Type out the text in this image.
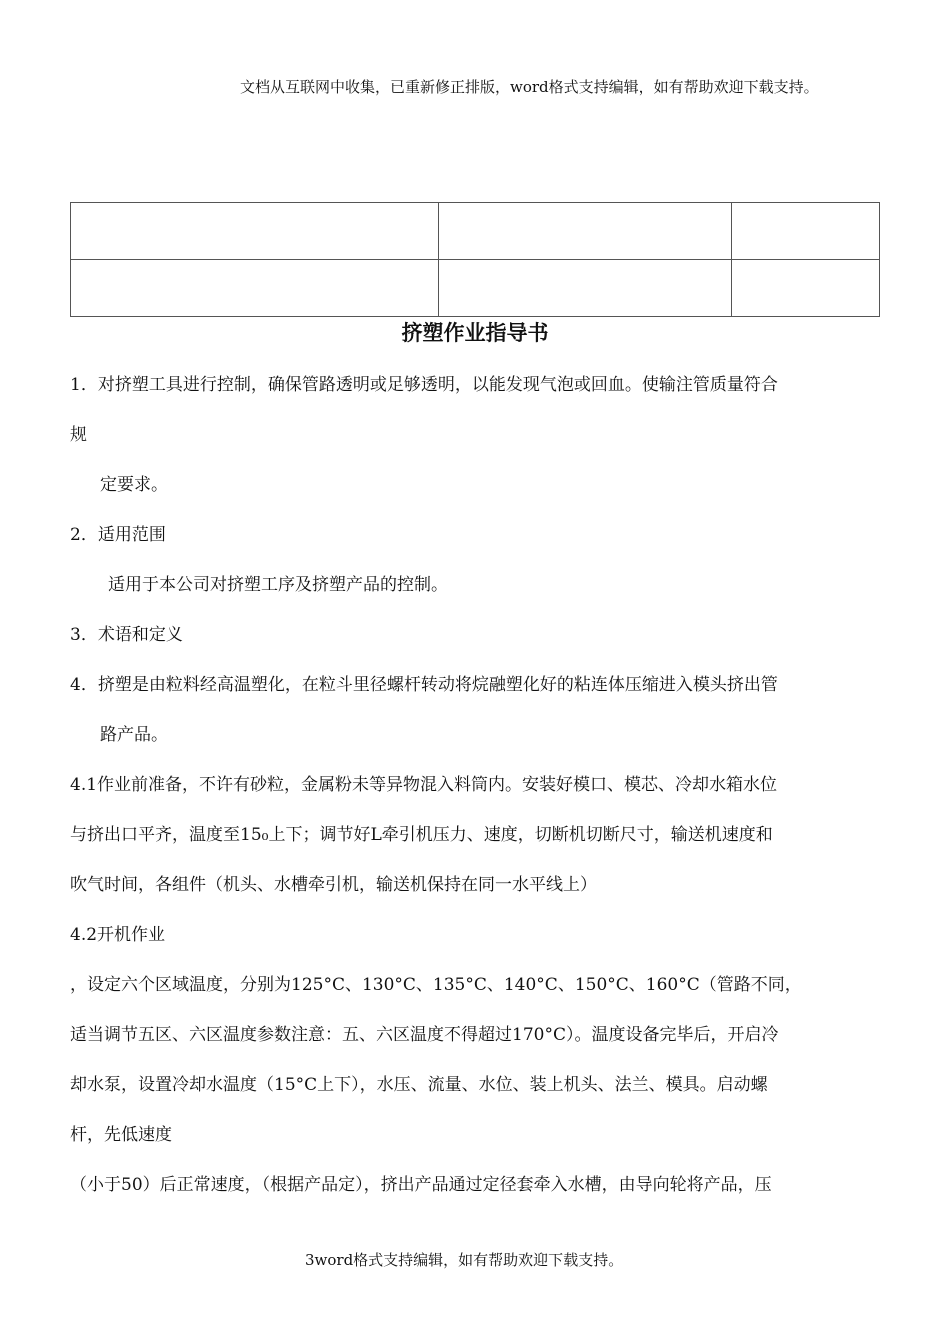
文档从互联网中收集，已重新修正排版，word格式支持编辑，如有帮助欢迎下载支持。

挤塑作业指导书
1．对挤塑工具进行控制，确保管路透明或足够透明，以能发现气泡或回血。使输注管质量符合
规
定要求。
2．适用范围
适用于本公司对挤塑工序及挤塑产品的控制。
3．术语和定义
4．挤塑是由粒料经高温塑化，在粒斗里径螺杆转动将烷融塑化好的粘连体压缩进入模头挤出管
路产品。
4.1作业前准备，不许有砂粒，金属粉未等异物混入料筒内。安装好模口、模芯、冷却水箱水位
与挤出口平齐，温度至15₀上下；调节好L牵引机压力、速度，切断机切断尺寸，输送机速度和
吹气时间，各组件（机头、水槽牵引机，输送机保持在同一水平线上）
4.2开机作业
，设定六个区域温度，分别为125°C、130°C、135°C、140°C、150°C、160°C（管路不同，
适当调节五区、六区温度参数注意：五、六区温度不得超过170°C）。温度设备完毕后，开启冷
却水泵，设置冷却水温度（15°C上下），水压、流量、水位、装上机头、法兰、模具。启动螺
杆，先低速度
（小于50）后正常速度，（根据产品定），挤出产品通过定径套牵入水槽，由导向轮将产品，压
3word格式支持编辑，如有帮助欢迎下载支持。
